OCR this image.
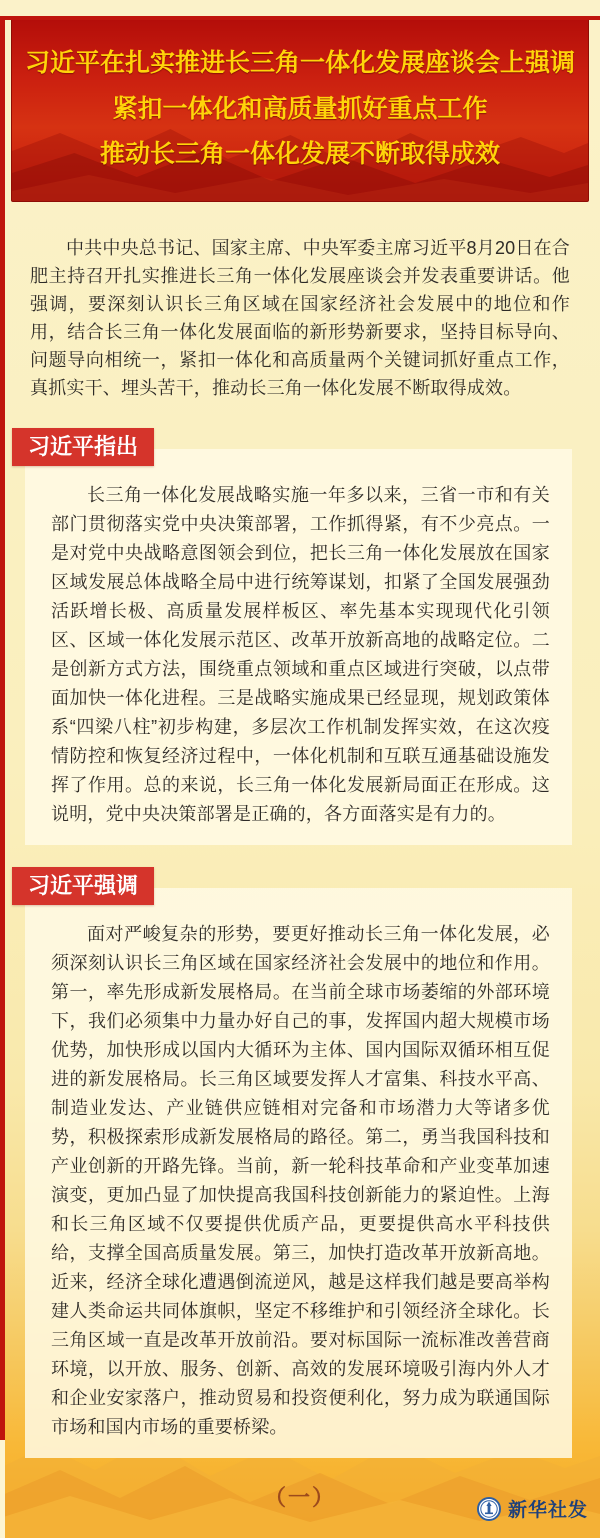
习近平在扎实推进长三角一体化发展座谈会上强调
紧扣一体化和高质量抓好重点工作
推动长三角一体化发展不断取得成效

中共中央总书记、国家主席、中央军委主席习近平8月20日在合肥主持召开扎实推进长三角一体化发展座谈会并发表重要讲话。他强调，要深刻认识长三角区域在国家经济社会发展中的地位和作用，结合长三角一体化发展面临的新形势新要求，坚持目标导向、问题导向相统一，紧扣一体化和高质量两个关键词抓好重点工作，真抓实干、埋头苦干，推动长三角一体化发展不断取得成效。

习近平指出

长三角一体化发展战略实施一年多以来，三省一市和有关部门贯彻落实党中央决策部署，工作抓得紧，有不少亮点。一是对党中央战略意图领会到位，把长三角一体化发展放在国家区域发展总体战略全局中进行统筹谋划，扣紧了全国发展强劲活跃增长极、高质量发展样板区、率先基本实现现代化引领区、区域一体化发展示范区、改革开放新高地的战略定位。二是创新方式方法，围绕重点领域和重点区域进行突破，以点带面加快一体化进程。三是战略实施成果已经显现，规划政策体系“四梁八柱”初步构建，多层次工作机制发挥实效，在这次疫情防控和恢复经济过程中，一体化机制和互联互通基础设施发挥了作用。总的来说，长三角一体化发展新局面正在形成。这说明，党中央决策部署是正确的，各方面落实是有力的。

习近平强调

面对严峻复杂的形势，要更好推动长三角一体化发展，必须深刻认识长三角区域在国家经济社会发展中的地位和作用。第一，率先形成新发展格局。在当前全球市场萎缩的外部环境下，我们必须集中力量办好自己的事，发挥国内超大规模市场优势，加快形成以国内大循环为主体、国内国际双循环相互促进的新发展格局。长三角区域要发挥人才富集、科技水平高、制造业发达、产业链供应链相对完备和市场潜力大等诸多优势，积极探索形成新发展格局的路径。第二，勇当我国科技和产业创新的开路先锋。当前，新一轮科技革命和产业变革加速演变，更加凸显了加快提高我国科技创新能力的紧迫性。上海和长三角区域不仅要提供优质产品，更要提供高水平科技供给，支撑全国高质量发展。第三，加快打造改革开放新高地。近来，经济全球化遭遇倒流逆风，越是这样我们越是要高举构建人类命运共同体旗帜，坚定不移维护和引领经济全球化。长三角区域一直是改革开放前沿。要对标国际一流标准改善营商环境，以开放、服务、创新、高效的发展环境吸引海内外人才和企业安家落户，推动贸易和投资便利化，努力成为联通国际市场和国内市场的重要桥梁。

（一）
新华社发
